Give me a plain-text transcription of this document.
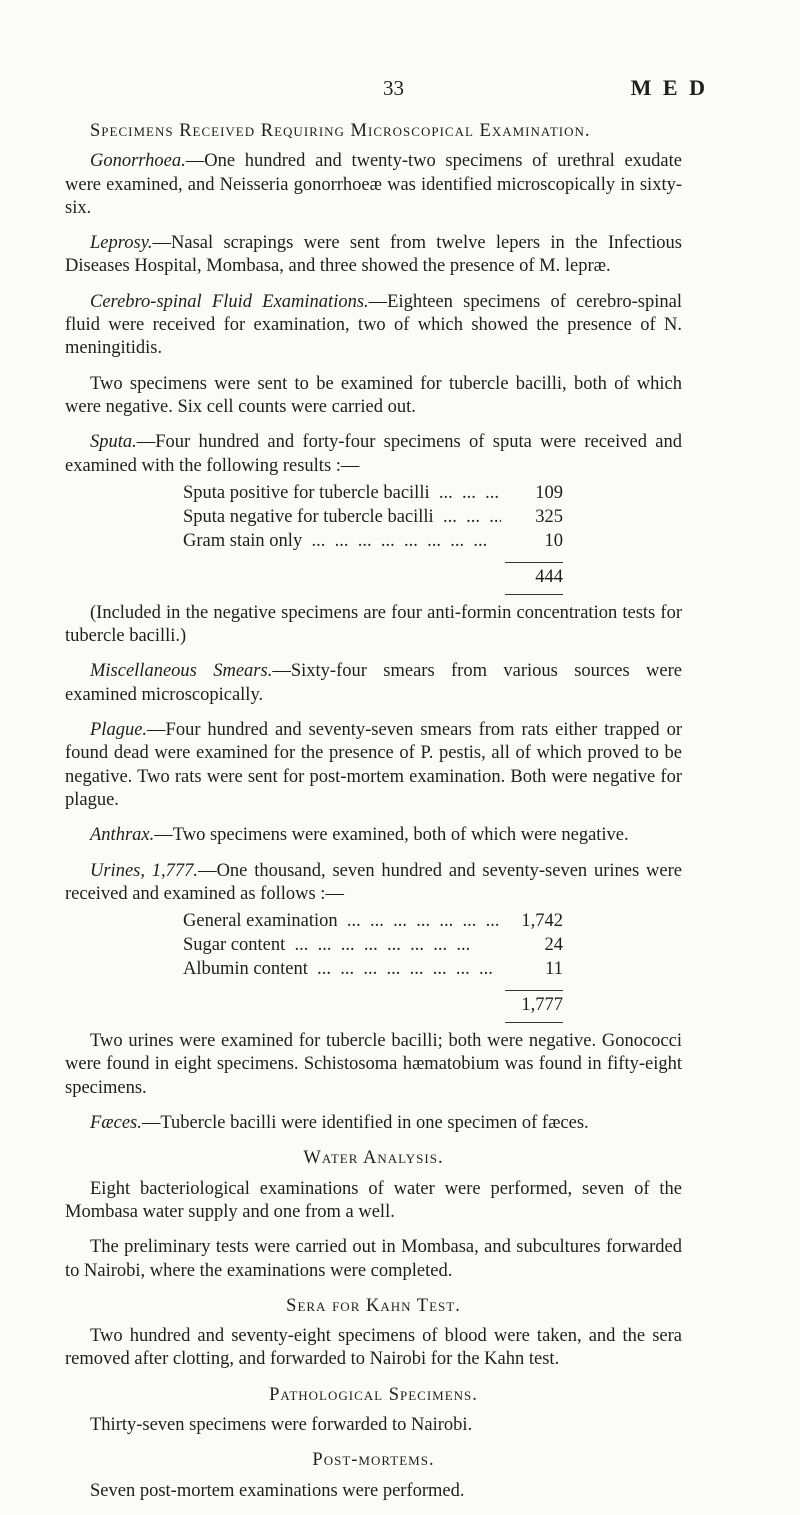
33	M E D
Specimens Received Requiring Microscopical Examination.

Gonorrhoea.—One hundred and twenty-two specimens of urethral exudate were examined, and Neisseria gonorrhoeæ was identified microscopically in sixty-six.

Leprosy.—Nasal scrapings were sent from twelve lepers in the Infectious Diseases Hospital, Mombasa, and three showed the presence of M. lepræ.

Cerebro-spinal Fluid Examinations.—Eighteen specimens of cerebro-spinal fluid were received for examination, two of which showed the presence of N. meningitidis.

Two specimens were sent to be examined for tubercle bacilli, both of which were negative. Six cell counts were carried out.

Sputa.—Four hundred and forty-four specimens of sputa were received and examined with the following results :—

Sputa positive for tubercle bacilli ...	109
Sputa negative for tubercle bacilli ...	325
Gram stain only ...	10
444

(Included in the negative specimens are four anti-formin concentration tests for tubercle bacilli.)

Miscellaneous Smears.—Sixty-four smears from various sources were examined microscopically.

Plague.—Four hundred and seventy-seven smears from rats either trapped or found dead were examined for the presence of P. pestis, all of which proved to be negative. Two rats were sent for post-mortem examination. Both were negative for plague.

Anthrax.—Two specimens were examined, both of which were negative.

Urines, 1,777.—One thousand, seven hundred and seventy-seven urines were received and examined as follows :—

General examination ...	1,742
Sugar content ...	24
Albumin content ...	11
1,777

Two urines were examined for tubercle bacilli; both were negative. Gonococci were found in eight specimens. Schistosoma hæmatobium was found in fifty-eight specimens.

Fæces.—Tubercle bacilli were identified in one specimen of fæces.

Water Analysis.

Eight bacteriological examinations of water were performed, seven of the Mombasa water supply and one from a well.

The preliminary tests were carried out in Mombasa, and subcultures forwarded to Nairobi, where the examinations were completed.

Sera for Kahn Test.

Two hundred and seventy-eight specimens of blood were taken, and the sera removed after clotting, and forwarded to Nairobi for the Kahn test.

Pathological Specimens.

Thirty-seven specimens were forwarded to Nairobi.

Post-mortems.

Seven post-mortem examinations were performed.
